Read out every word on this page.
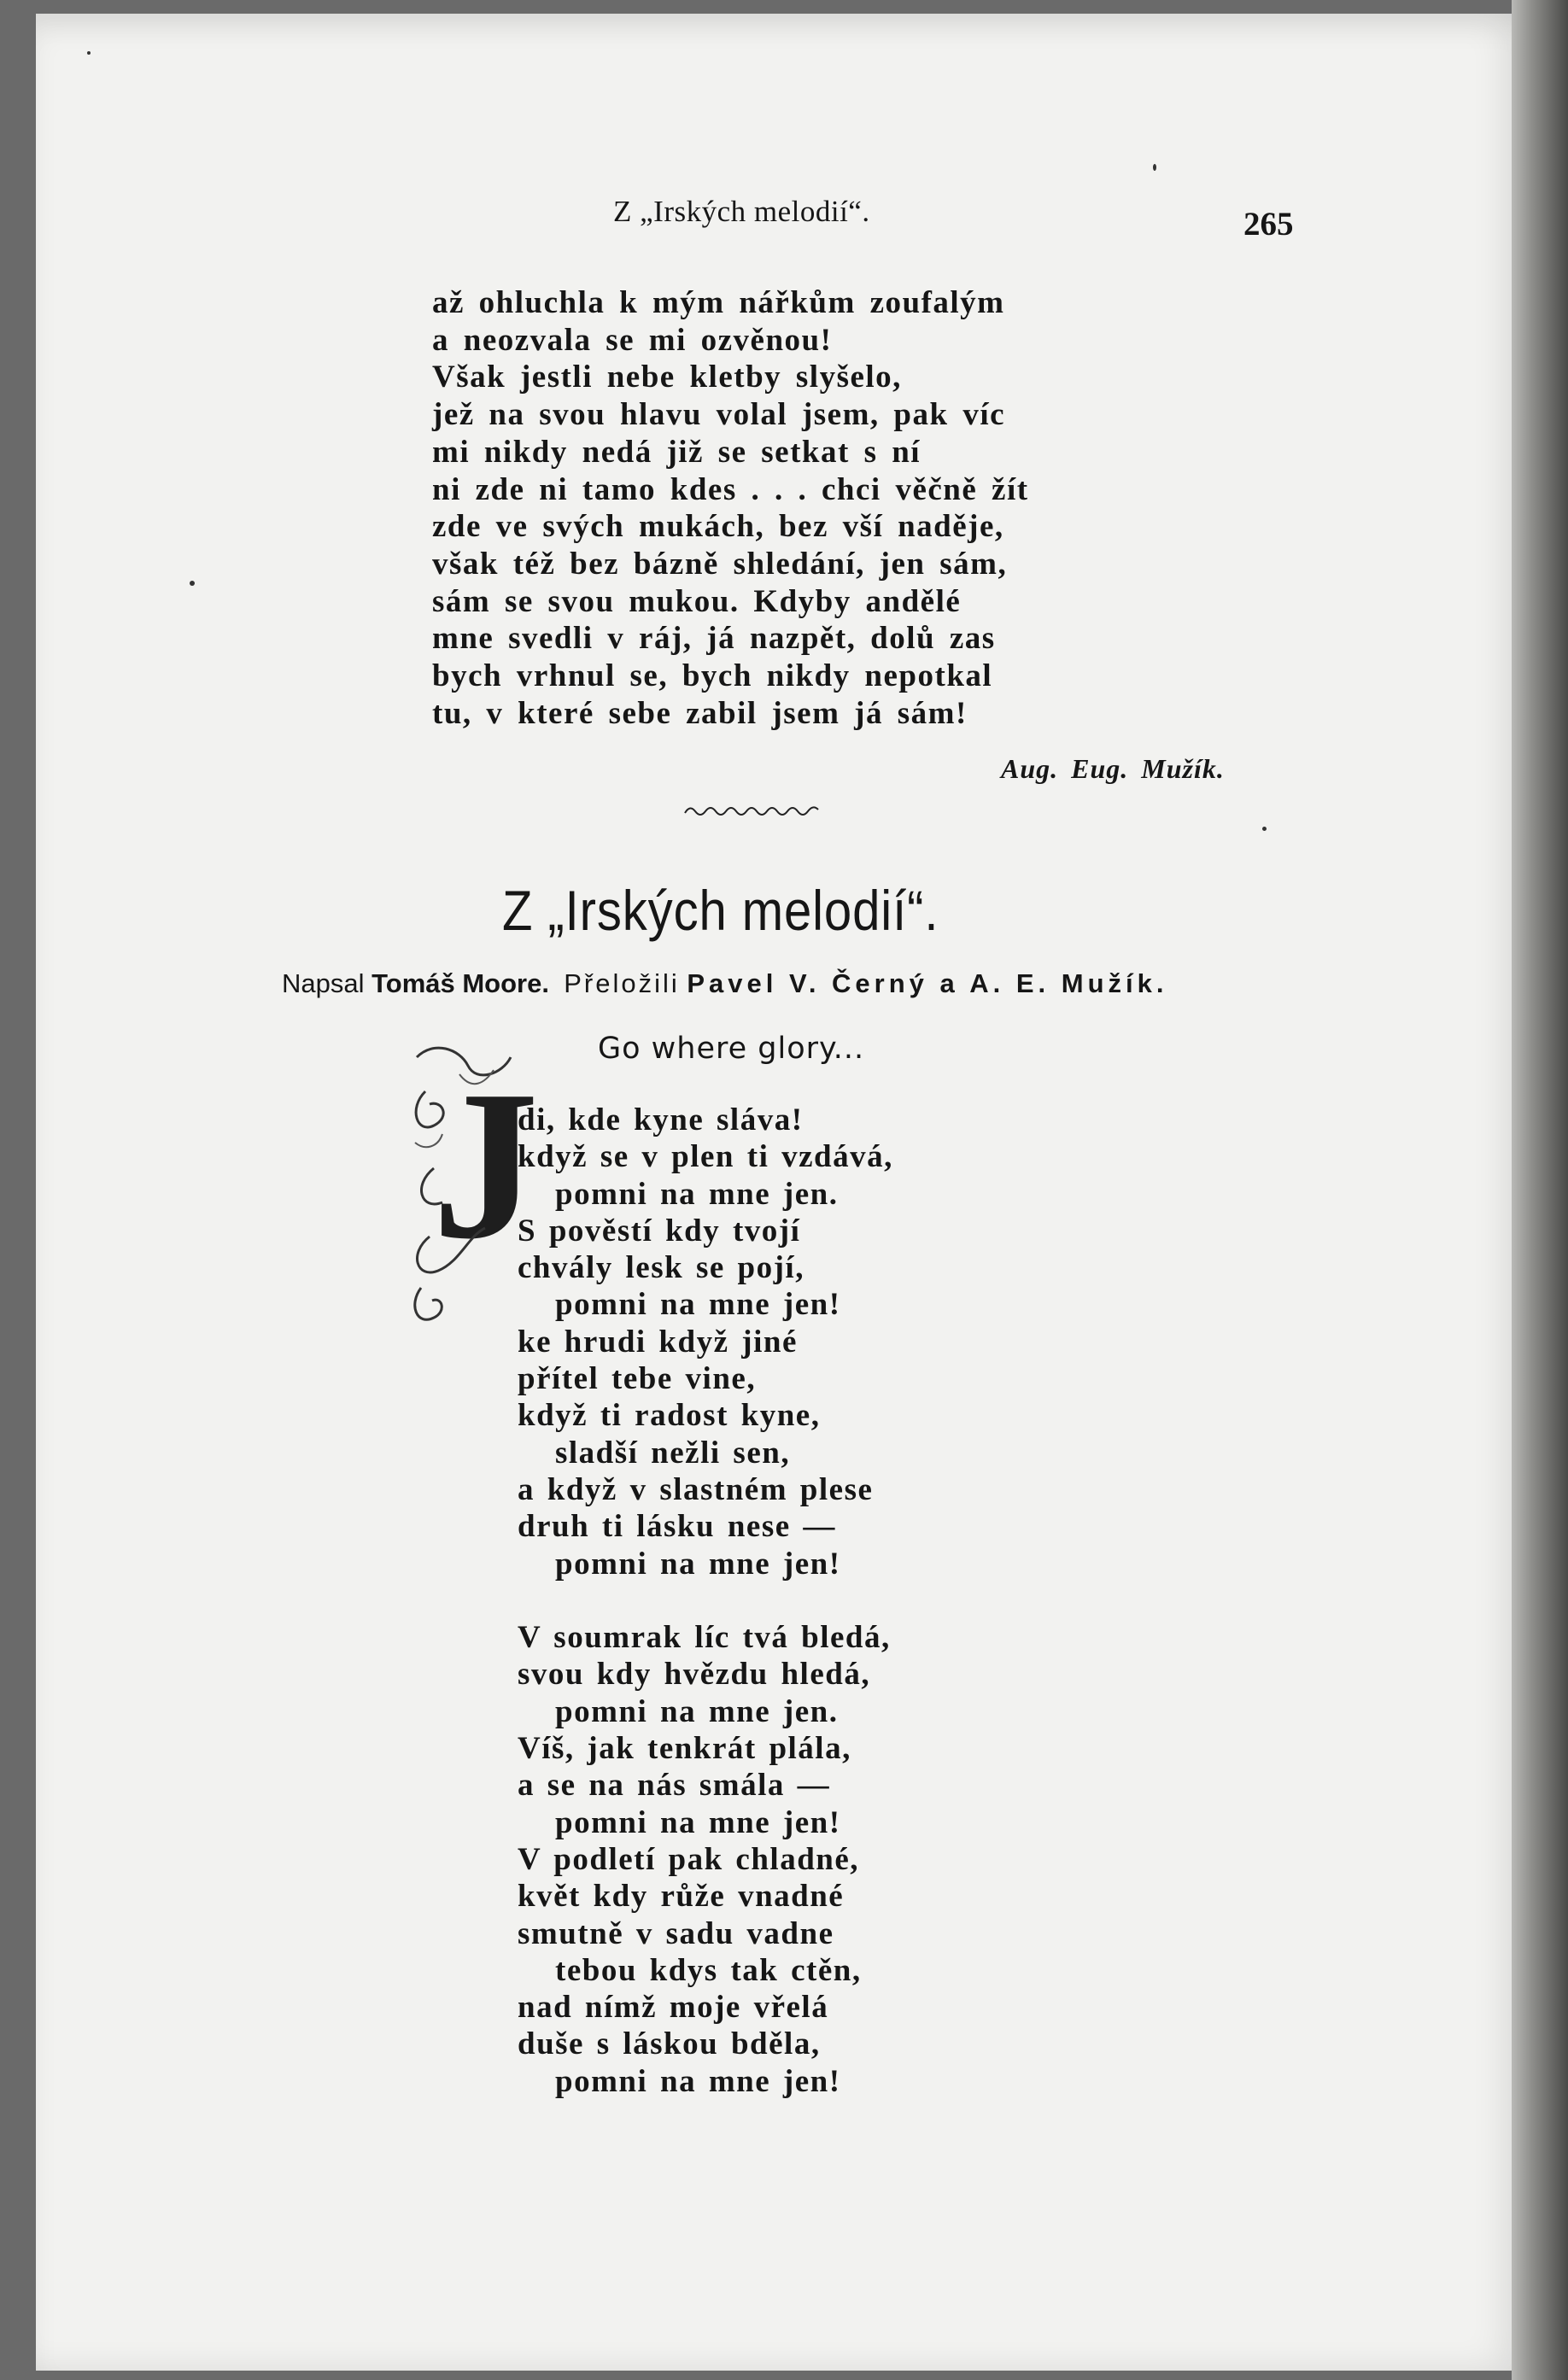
Z „Irských melodií“.	265
až ohluchla k mým nářkům zoufalým
a neozvala se mi ozvěnou!
Však jestli nebe kletby slyšelo,
jež na svou hlavu volal jsem, pak víc
mi nikdy nedá již se setkat s ní
ni zde ni tamo kdes . . . chci věčně žít
zde ve svých mukách, bez vší naděje,
však též bez bázně shledání, jen sám,
sám se svou mukou. Kdyby andělé
mne svedli v ráj, já nazpět, dolů zas
bych vrhnul se, bych nikdy nepotkal
tu, v které sebe zabil jsem já sám!
Aug. Eug. Mužík.
Z „Irských melodií“.
Napsal Tomáš Moore. Přeložili Pavel V. Černý a A. E. Mužík.
Go where glory...
J
di, kde kyne sláva!
když se v plen ti vzdává,
pomni na mne jen.
S pověstí kdy tvojí
chvály lesk se pojí,
pomni na mne jen!
ke hrudi když jiné
přítel tebe vine,
když ti radost kyne,
sladší nežli sen,
a když v slastném plese
druh ti lásku nese —
pomni na mne jen!
V soumrak líc tvá bledá,
svou kdy hvězdu hledá,
pomni na mne jen.
Víš, jak tenkrát plála,
a se na nás smála —
pomni na mne jen!
V podletí pak chladné,
květ kdy růže vnadné
smutně v sadu vadne
tebou kdys tak ctěn,
nad nímž moje vřelá
duše s láskou bděla,
pomni na mne jen!
